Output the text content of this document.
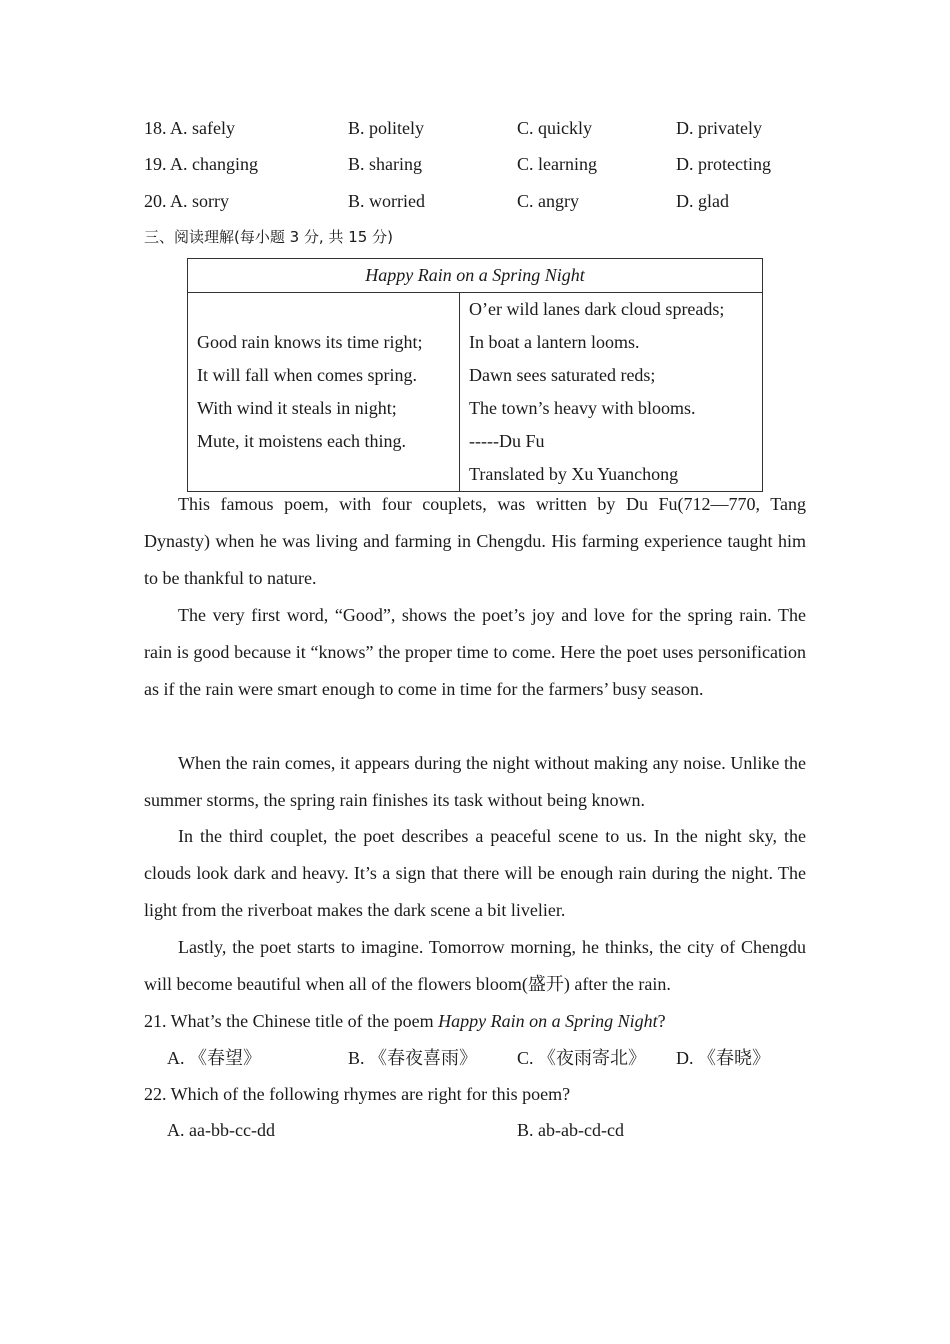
18. A. safely	B. politely	C. quickly	D. privately
19. A. changing	B. sharing	C. learning	D. protecting
20. A. sorry	B. worried	C. angry	D. glad
三、阅读理解(每小题 3 分, 共 15 分)
Happy Rain on a Spring Night

Good rain knows its time right;
It will fall when comes spring.
With wind it steals in night;
Mute, it moistens each thing.

O’er wild lanes dark cloud spreads;
In boat a lantern looms.
Dawn sees saturated reds;
The town’s heavy with blooms.
-----Du Fu
Translated by Xu Yuanchong
This famous poem, with four couplets, was written by Du Fu(712—770, Tang Dynasty) when he was living and farming in Chengdu. His farming experience taught him to be thankful to nature.
The very first word, “Good”, shows the poet’s joy and love for the spring rain. The rain is good because it “knows” the proper time to come. Here the poet uses personification as if the rain were smart enough to come in time for the farmers’ busy season.
When the rain comes, it appears during the night without making any noise. Unlike the summer storms, the spring rain finishes its task without being known.
In the third couplet, the poet describes a peaceful scene to us. In the night sky, the clouds look dark and heavy. It’s a sign that there will be enough rain during the night. The light from the riverboat makes the dark scene a bit livelier.
Lastly, the poet starts to imagine. Tomorrow morning, he thinks, the city of Chengdu will become beautiful when all of the flowers bloom(盛开) after the rain.
21. What’s the Chinese title of the poem Happy Rain on a Spring Night?
A. 《春望》	B. 《春夜喜雨》 C. 《夜雨寄北》 D. 《春晓》
22. Which of the following rhymes are right for this poem?
A. aa-bb-cc-dd	B. ab-ab-cd-cd
